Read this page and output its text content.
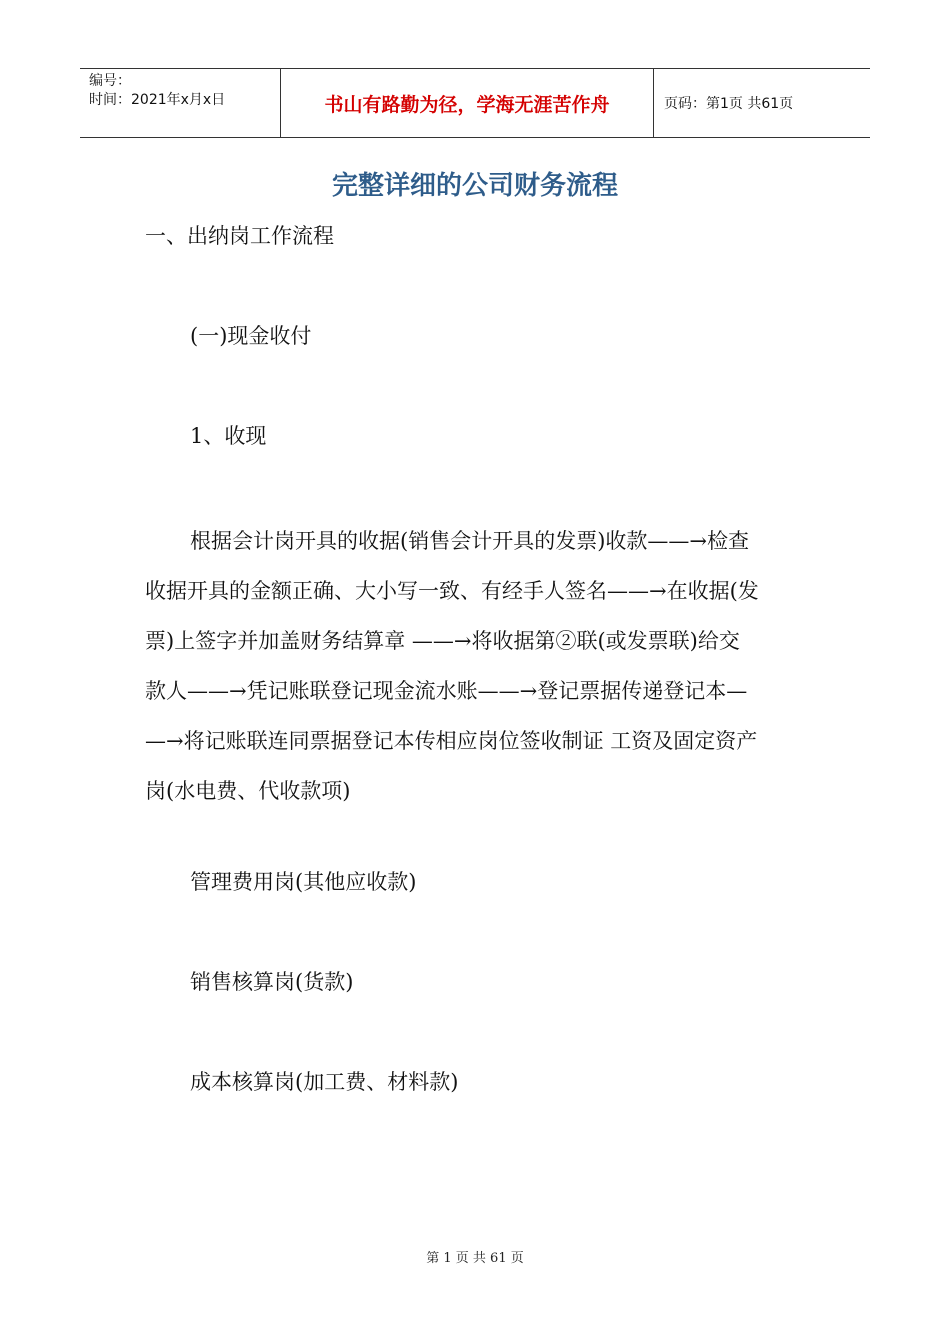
编号：
时间：2021年x月x日	书山有路勤为径，学海无涯苦作舟	页码：第1页 共61页
完整详细的公司财务流程
一、出纳岗工作流程
(一)现金收付
1、收现

根据会计岗开具的收据(销售会计开具的发票)收款——→检查

收据开具的金额正确、大小写一致、有经手人签名——→在收据(发

票)上签字并加盖财务结算章 ——→将收据第②联(或发票联)给交

款人——→凭记账联登记现金流水账——→登记票据传递登记本—

—→将记账联连同票据登记本传相应岗位签收制证 工资及固定资产

岗(水电费、代收款项)

管理费用岗(其他应收款)
销售核算岗(货款)
成本核算岗(加工费、材料款)
第 1 页 共 61 页
